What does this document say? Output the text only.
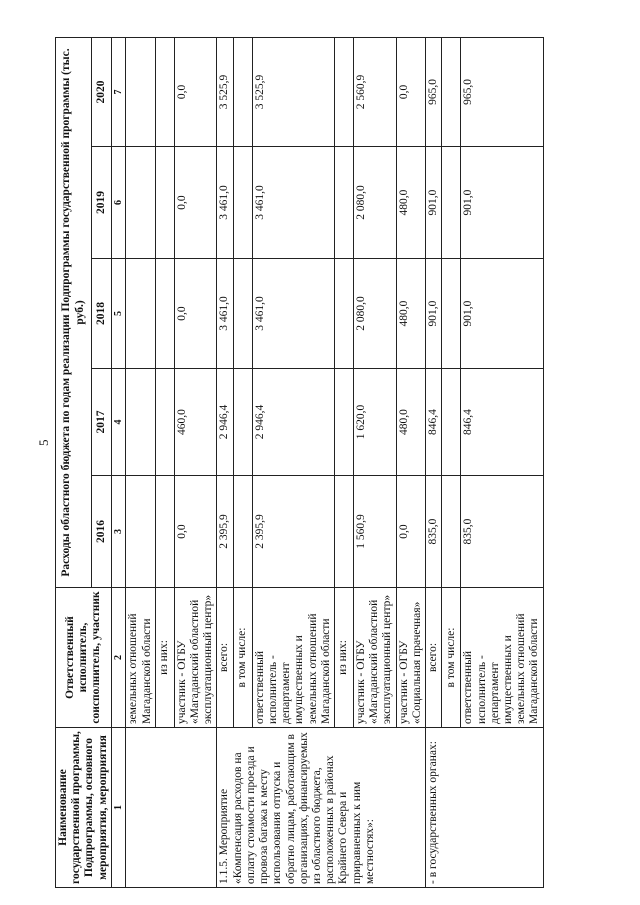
5
Наименование государственной программы, Подпрограммы, основного мероприятия, мероприятия	Ответственный исполнитель, соисполнитель, участник	Расходы областного бюджета по годам реализации Подпрограммы государственной программы (тыс. руб.)				
		2016	2017	2018	2019	2020
1	2	3	4	5	6	7
	земельных отношений Магаданской области					
	из них:					
	участник - ОГБУ «Магаданский областной эксплуатационный центр»	0,0	460,0	0,0	0,0	0,0
1.1.5. Мероприятие «Компенсация расходов на оплату стоимости проезда и провоза багажа к месту использования отпуска и обратно лицам, работающим в организациях, финансируемых из областного бюджета, расположенных в районах Крайнего Севера и приравненных к ним местностях»:	всего:	2 395,9	2 946,4	3 461,0	3 461,0	3 525,9
	в том числе:					
	ответственный исполнитель - департамент имущественных и земельных отношений Магаданской области	2 395,9	2 946,4	3 461,0	3 461,0	3 525,9
	из них:					
	участник - ОГБУ «Магаданский областной эксплуатационный центр»	1 560,9	1 620,0	2 080,0	2 080,0	2 560,9
	участник - ОГБУ «Социальная прачечная»	0,0	480,0	480,0	480,0	0,0
- в государственных органах:	всего:	835,0	846,4	901,0	901,0	965,0
	в том числе:					
	ответственный исполнитель - департамент имущественных и земельных отношений Магаданской области	835,0	846,4	901,0	901,0	965,0
